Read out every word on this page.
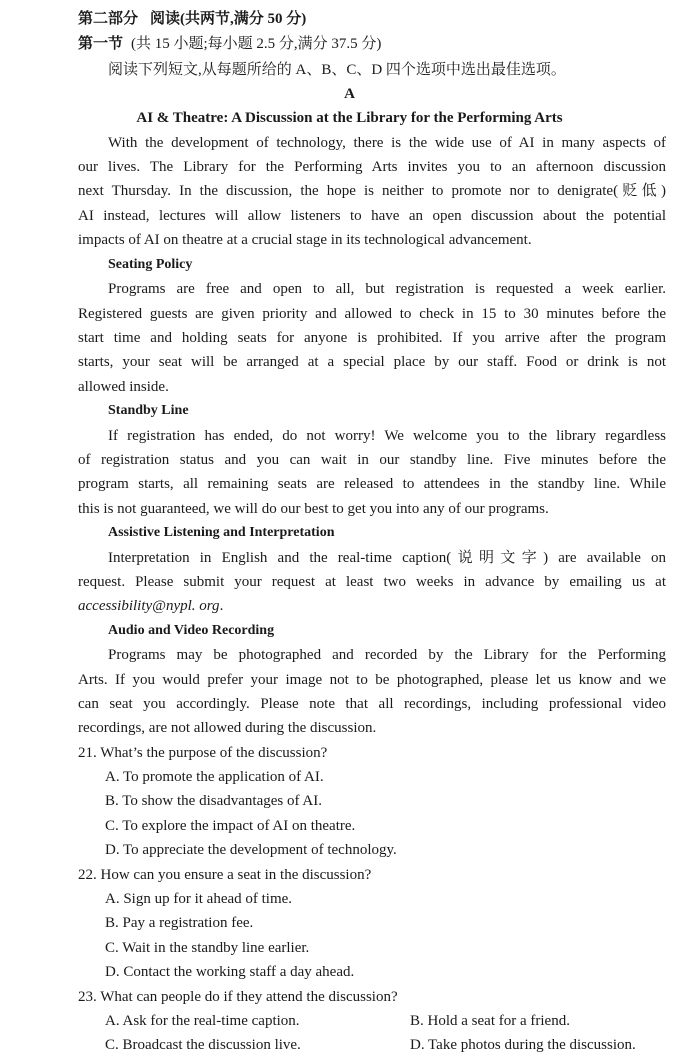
第二部分 阅读(共两节,满分 50 分)
第一节 (共 15 小题;每小题 2.5 分,满分 37.5 分)
阅读下列短文,从每题所给的 A、B、C、D 四个选项中选出最佳选项。
A
AI & Theatre: A Discussion at the Library for the Performing Arts
With the development of technology, there is the wide use of AI in many aspects of
our lives. The Library for the Performing Arts invites you to an afternoon discussion
next Thursday. In the discussion, the hope is neither to promote nor to denigrate(贬低)
AI instead, lectures will allow listeners to have an open discussion about the potential
impacts of AI on theatre at a crucial stage in its technological advancement.
Seating Policy
Programs are free and open to all, but registration is requested a week earlier.
Registered guests are given priority and allowed to check in 15 to 30 minutes before the
start time and holding seats for anyone is prohibited. If you arrive after the program
starts, your seat will be arranged at a special place by our staff. Food or drink is not
allowed inside.
Standby Line
If registration has ended, do not worry! We welcome you to the library regardless
of registration status and you can wait in our standby line. Five minutes before the
program starts, all remaining seats are released to attendees in the standby line. While
this is not guaranteed, we will do our best to get you into any of our programs.
Assistive Listening and Interpretation
Interpretation in English and the real-time caption(说明文字) are available on
request. Please submit your request at least two weeks in advance by emailing us at
accessibility@nypl. org.
Audio and Video Recording
Programs may be photographed and recorded by the Library for the Performing
Arts. If you would prefer your image not to be photographed, please let us know and we
can seat you accordingly. Please note that all recordings, including professional video
recordings, are not allowed during the discussion.
21. What’s the purpose of the discussion?
A. To promote the application of AI.
B. To show the disadvantages of AI.
C. To explore the impact of AI on theatre.
D. To appreciate the development of technology.
22. How can you ensure a seat in the discussion?
A. Sign up for it ahead of time.
B. Pay a registration fee.
C. Wait in the standby line earlier.
D. Contact the working staff a day ahead.
23. What can people do if they attend the discussion?
A. Ask for the real-time caption.	B. Hold a seat for a friend.
C. Broadcast the discussion live.	D. Take photos during the discussion.
